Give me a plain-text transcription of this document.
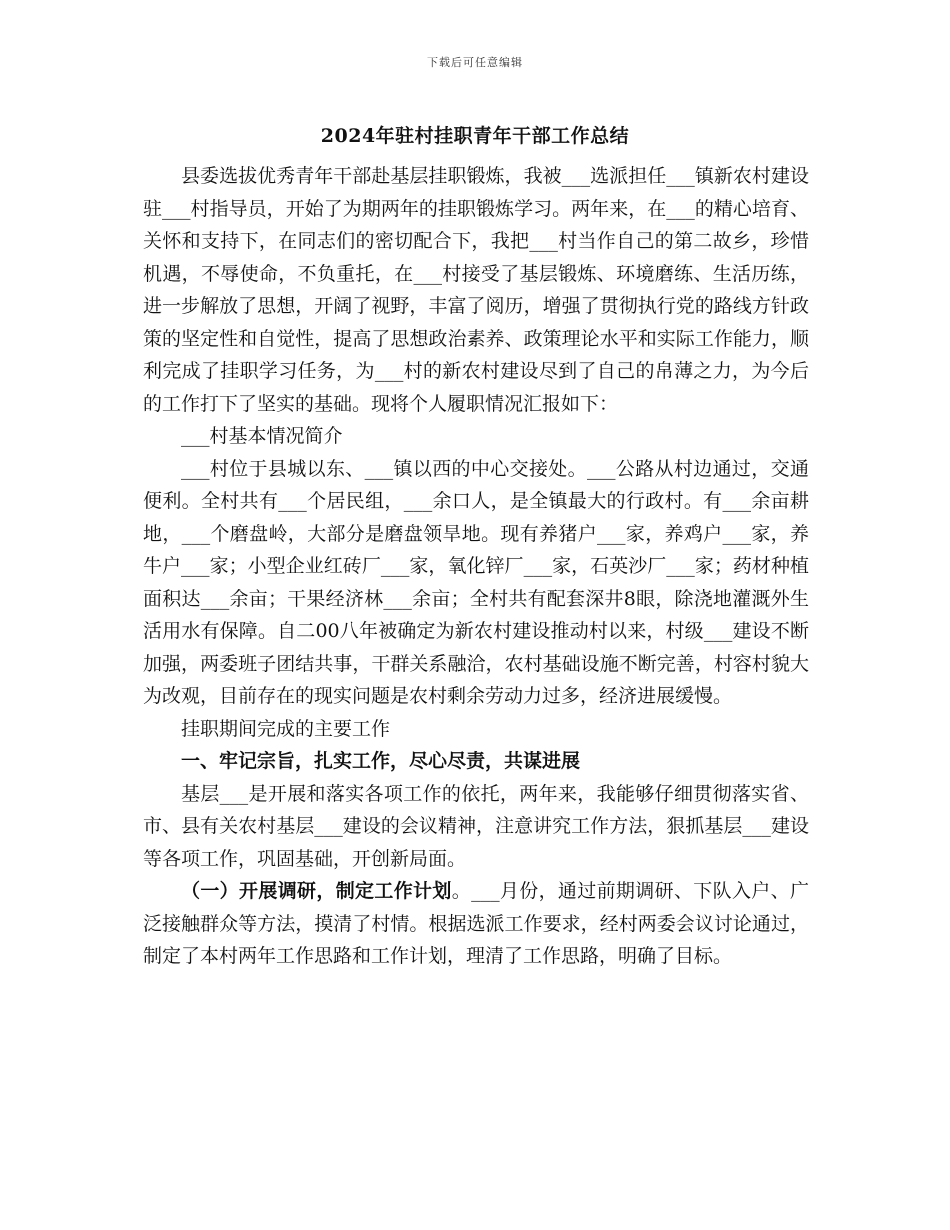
下载后可任意编辑
2024年驻村挂职青年干部工作总结

县委选拔优秀青年干部赴基层挂职锻炼，我被___选派担任___镇新农村建设驻___村指导员，开始了为期两年的挂职锻炼学习。两年来，在___的精心培育、关怀和支持下，在同志们的密切配合下，我把___村当作自己的第二故乡，珍惜机遇，不辱使命，不负重托，在___村接受了基层锻炼、环境磨练、生活历练，进一步解放了思想，开阔了视野，丰富了阅历，增强了贯彻执行党的路线方针政策的坚定性和自觉性，提高了思想政治素养、政策理论水平和实际工作能力，顺利完成了挂职学习任务，为___村的新农村建设尽到了自己的帛薄之力，为今后的工作打下了坚实的基础。现将个人履职情况汇报如下：

___村基本情况简介

___村位于县城以东、___镇以西的中心交接处。___公路从村边通过，交通便利。全村共有___个居民组，___余口人，是全镇最大的行政村。有___余亩耕地，___个磨盘岭，大部分是磨盘领旱地。现有养猪户___家，养鸡户___家，养牛户___家；小型企业红砖厂___家，氧化锌厂___家，石英沙厂___家；药材种植面积达___余亩；干果经济林___余亩；全村共有配套深井8眼，除浇地灌溉外生活用水有保障。自二00八年被确定为新农村建设推动村以来，村级___建设不断加强，两委班子团结共事，干群关系融洽，农村基础设施不断完善，村容村貌大为改观，目前存在的现实问题是农村剩余劳动力过多，经济进展缓慢。

挂职期间完成的主要工作

一、牢记宗旨，扎实工作，尽心尽责，共谋进展

基层___是开展和落实各项工作的依托，两年来，我能够仔细贯彻落实省、市、县有关农村基层___建设的会议精神，注意讲究工作方法，狠抓基层___建设等各项工作，巩固基础，开创新局面。

（一）开展调研，制定工作计划。___月份，通过前期调研、下队入户、广泛接触群众等方法，摸清了村情。根据选派工作要求，经村两委会议讨论通过，制定了本村两年工作思路和工作计划，理清了工作思路，明确了目标。
